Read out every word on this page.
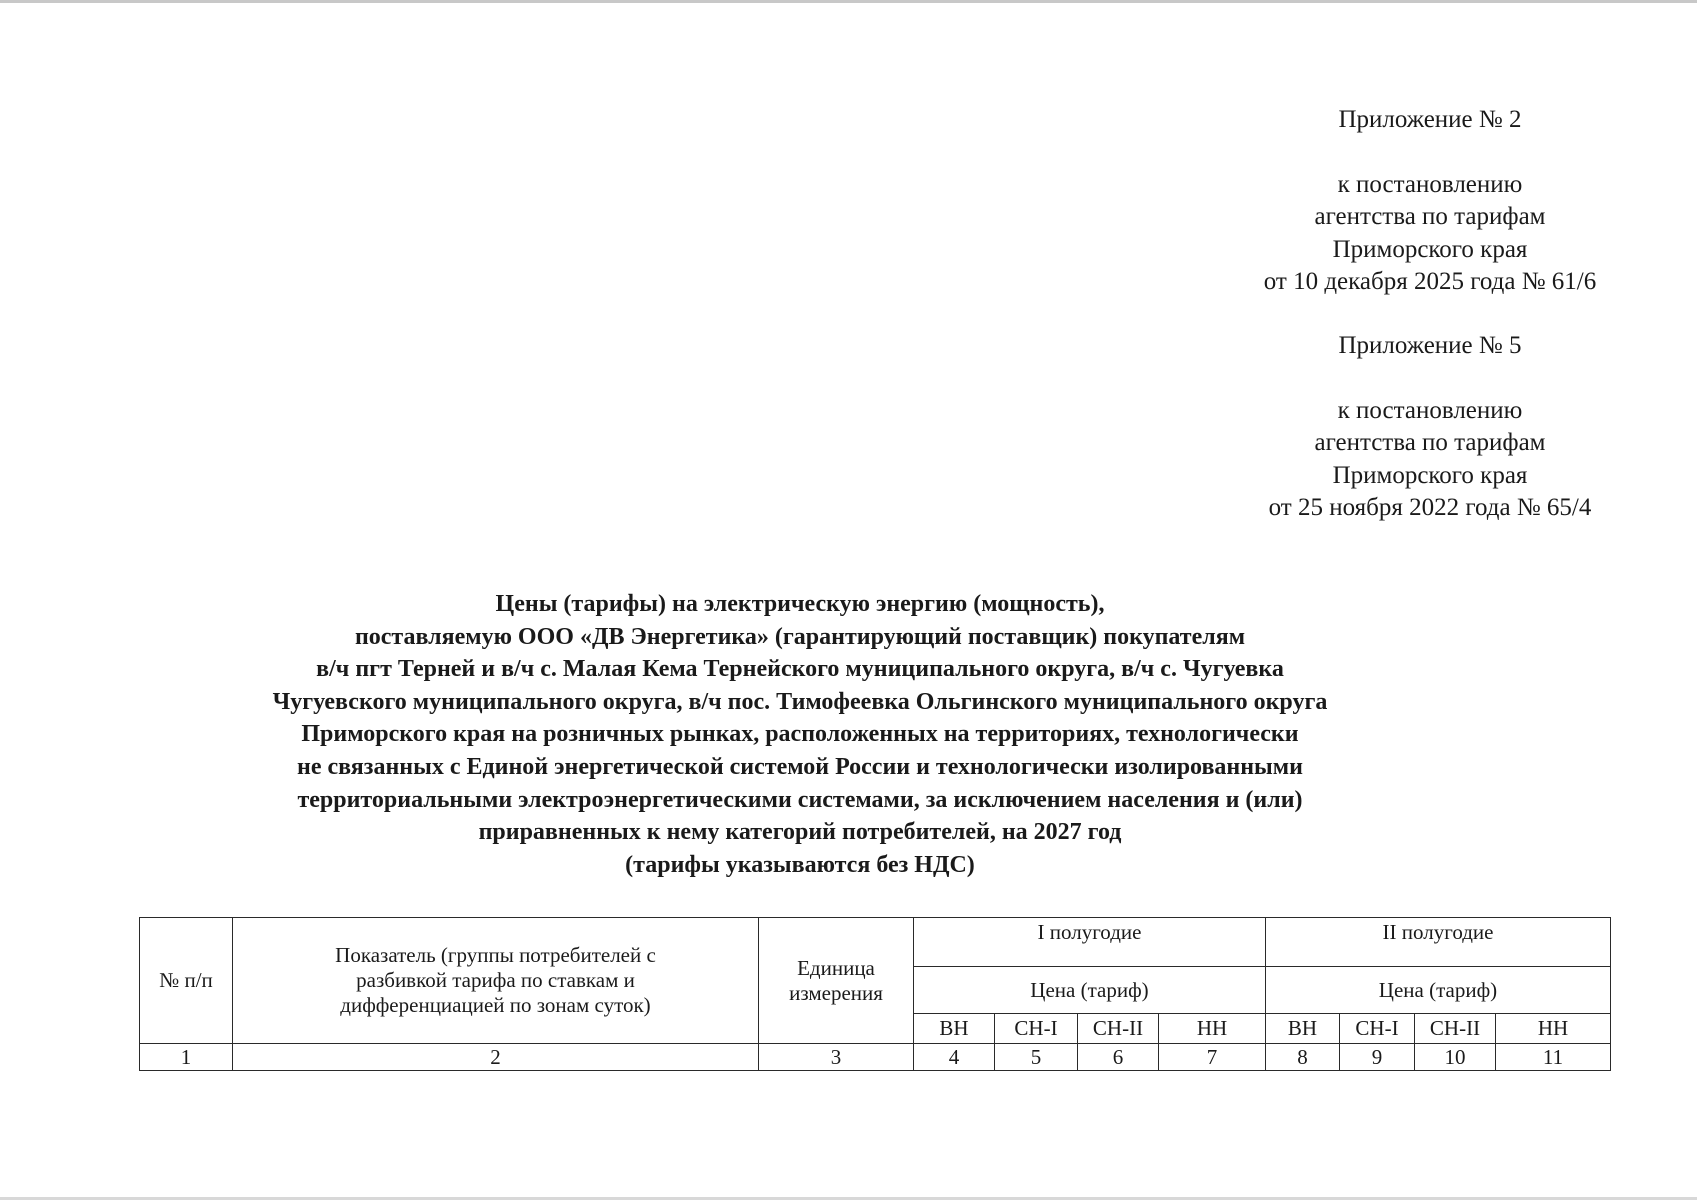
Приложение № 2
к постановлению
агентства по тарифам
Приморского края
от 10 декабря 2025 года № 61/6
Приложение № 5
к постановлению
агентства по тарифам
Приморского края
от 25 ноября 2022 года № 65/4
Цены (тарифы) на электрическую энергию (мощность),
поставляемую ООО «ДВ Энергетика» (гарантирующий поставщик) покупателям
в/ч пгт Терней и в/ч с. Малая Кема Тернейского муниципального округа, в/ч с. Чугуевка
Чугуевского муниципального округа, в/ч пос. Тимофеевка Ольгинского муниципального округа
Приморского края на розничных рынках, расположенных на территориях, технологически
не связанных с Единой энергетической системой России и технологически изолированными
территориальными электроэнергетическими системами, за исключением населения и (или)
приравненных к нему категорий потребителей, на 2027 год
(тарифы указываются без НДС)
№ п/п	Показатель (группы потребителей с разбивкой тарифа по ставкам и дифференциацией по зонам суток)	Единица измерения	I полугодие				II полугодие			
			Цена (тариф)				Цена (тариф)			
			ВН	СН-I	СН-II	НН	ВН	СН-I	СН-II	НН
1	2	3	4	5	6	7	8	9	10	11
